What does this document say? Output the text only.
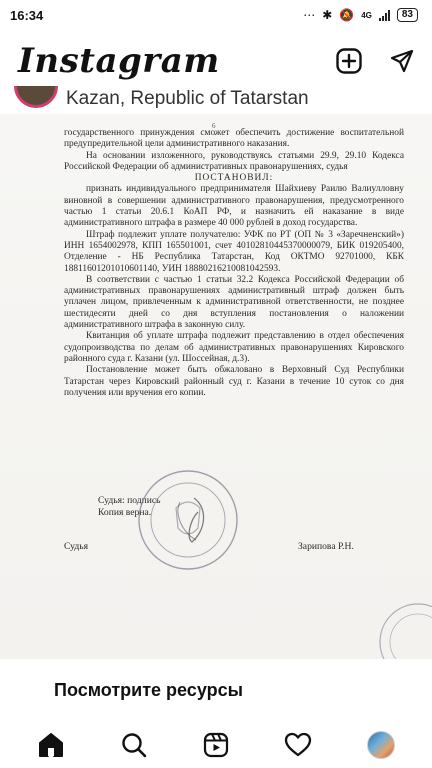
16:34	⋯ ✱ 🔕 4G	83
Instagram
Kazan, Republic of Tatarstan
6

государственного принуждения сможет обеспечить достижение воспитательной предупредительной цели административного наказания.

На основании изложенного, руководствуясь статьями 29.9, 29.10 Кодекса Российской Федерации об административных правонарушениях, судья

ПОСТАНОВИЛ:

признать индивидуального предпринимателя Шайхиеву Раилю Валиулловну виновной в совершении административного правонарушения, предусмотренного частью 1 статьи 20.6.1 КоАП РФ, и назначить ей наказание в виде административного штрафа в размере 40 000 рублей в доход государства.

Штраф подлежит уплате получателю: УФК по РТ (ОП № 3 «Заречненский») ИНН 1654002978, КПП 165501001, счет 40102810445370000079, БИК 019205400, Отделение - НБ Республика Татарстан, Код ОКТМО 92701000, КБК 18811601201010601140, УИН 18880216210081042593.

В соответствии с частью 1 статьи 32.2 Кодекса Российской Федерации об административных правонарушениях административный штраф должен быть уплачен лицом, привлеченным к административной ответственности, не позднее шестидесяти дней со дня вступления постановления о наложении административного штрафа в законную силу.

Квитанция об уплате штрафа подлежит представлению в отдел обеспечения судопроизводства по делам об административных правонарушениях Кировского районного суда г. Казани (ул. Шоссейная, д.3).

Постановление может быть обжаловано в Верховный Суд Республики Татарстан через Кировский районный суд г. Казани в течение 10 суток со дня получения или вручения его копии.

Судья: подпись
Копия верна.
Судья	Зарипова Р.Н.
Посмотрите ресурсы
